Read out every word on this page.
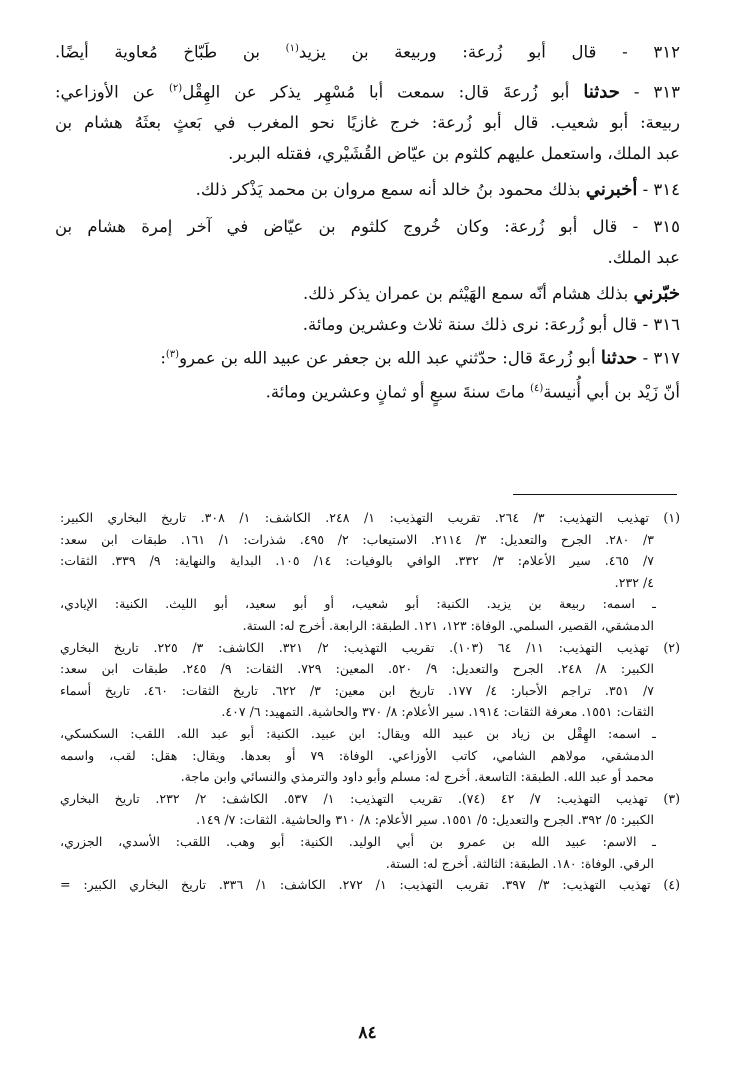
٣١٢ - قال أبو زُرعة: وربيعة بن يزيد$^{(١)}$ بن طَبّاخ مُعاوية أيضًا.
٣١٣ - حدثنا أبو زُرعةَ قال: سمعت أبا مُسْهِر يذكر عن الهِقْل$^{(٢)}$ عن الأوزاعي:
ربيعة: أبو شعيب. قال أبو زُرعة: خرج غازيًا نحو المغرب في بَعثٍ بعثَهُ هشام بن
عبد الملك، واستعمل عليهم كلثوم بن عيّاض القُشَيْري، فقتله البربر.
٣١٤ - أخبرني بذلك محمود بنُ خالد أنه سمع مروان بن محمد يَذْكر ذلك.
٣١٥ - قال أبو زُرعة: وكان خُروج كلثوم بن عيّاض في آخر إمرة هشام بن
عبد الملك.
خبّرني بذلك هشام أنّه سمع الهَيْثم بن عمران يذكر ذلك.
٣١٦ - قال أبو زُرعة: نرى ذلك سنة ثلاث وعشرين ومائة.
٣١٧ - حدثنا أبو زُرعةَ قال: حدّثني عبد الله بن جعفر عن عبيد الله بن عمرو$^{(٣)}$:
أنّ زَيْد بن أبي أُنيسة$^{(٤)}$ ماتَ سنةَ سبعٍ أو ثمانٍ وعشرين ومائة.
(١) تهذيب التهذيب: ٣/ ٢٦٤. تقريب التهذيب: ١/ ٢٤٨. الكاشف: ١/ ٣٠٨. تاريخ البخاري الكبير:
٣/ ٢٨٠. الجرح والتعديل: ٣/ ٢١١٤. الاستيعاب: ٢/ ٤٩٥. شذرات: ١/ ١٦١. طبقات ابن سعد:
٧/ ٤٦٥. سير الأعلام: ٣/ ٣٣٢. الوافي بالوفيات: ١٤/ ١٠٥. البداية والنهاية: ٩/ ٣٣٩. الثقات:
٤/ ٢٣٢.
ـ اسمه: ربيعة بن يزيد. الكنية: أبو شعيب، أو أبو سعيد، أبو الليث. الكنية: الإيادي،
الدمشقي، القصير، السلمي. الوفاة: ١٢٣، ١٢١. الطبقة: الرابعة. أخرج له: الستة.
(٢) تهذيب التهذيب: ١١/ ٦٤ (١٠٣). تقريب التهذيب: ٢/ ٣٢١. الكاشف: ٣/ ٢٢٥. تاريخ البخاري
الكبير: ٨/ ٢٤٨. الجرح والتعديل: ٩/ ٥٢٠. المعين: ٧٢٩. الثقات: ٩/ ٢٤٥. طبقات ابن سعد:
٧/ ٣٥١. تراجم الأحبار: ٤/ ١٧٧. تاريخ ابن معين: ٣/ ٦٢٢. تاريخ الثقات: ٤٦٠. تاريخ أسماء
الثقات: ١٥٥١. معرفة الثقات: ١٩١٤. سير الأعلام: ٨/ ٣٧٠ والحاشية. التمهيد: ٦/ ٤٠٧.
ـ اسمه: الهِقْل بن زياد بن عبيد الله ويقال: ابن عبيد. الكنية: أبو عبد الله. اللقب: السكسكي،
الدمشقي، مولاهم الشامي، كاتب الأوزاعي. الوفاة: ٧٩ أو بعدها. ويقال: هقل: لقب، واسمه
محمد أو عبد الله. الطبقة: التاسعة. أخرج له: مسلم وأبو داود والترمذي والنسائي وابن ماجة.
(٣) تهذيب التهذيب: ٧/ ٤٢ (٧٤). تقريب التهذيب: ١/ ٥٣٧. الكاشف: ٢/ ٢٣٢. تاريخ البخاري
الكبير: ٥/ ٣٩٢. الجرح والتعديل: ٥/ ١٥٥١. سير الأعلام: ٨/ ٣١٠ والحاشية. الثقات: ٧/ ١٤٩.
ـ الاسم: عبيد الله بن عمرو بن أبي الوليد. الكنية: أبو وهب. اللقب: الأسدي، الجزري،
الرقي. الوفاة: ١٨٠. الطبقة: الثالثة. أخرج له: الستة.
(٤) تهذيب التهذيب: ٣/ ٣٩٧. تقريب التهذيب: ١/ ٢٧٢. الكاشف: ١/ ٣٣٦. تاريخ البخاري الكبير: =
٨٤
